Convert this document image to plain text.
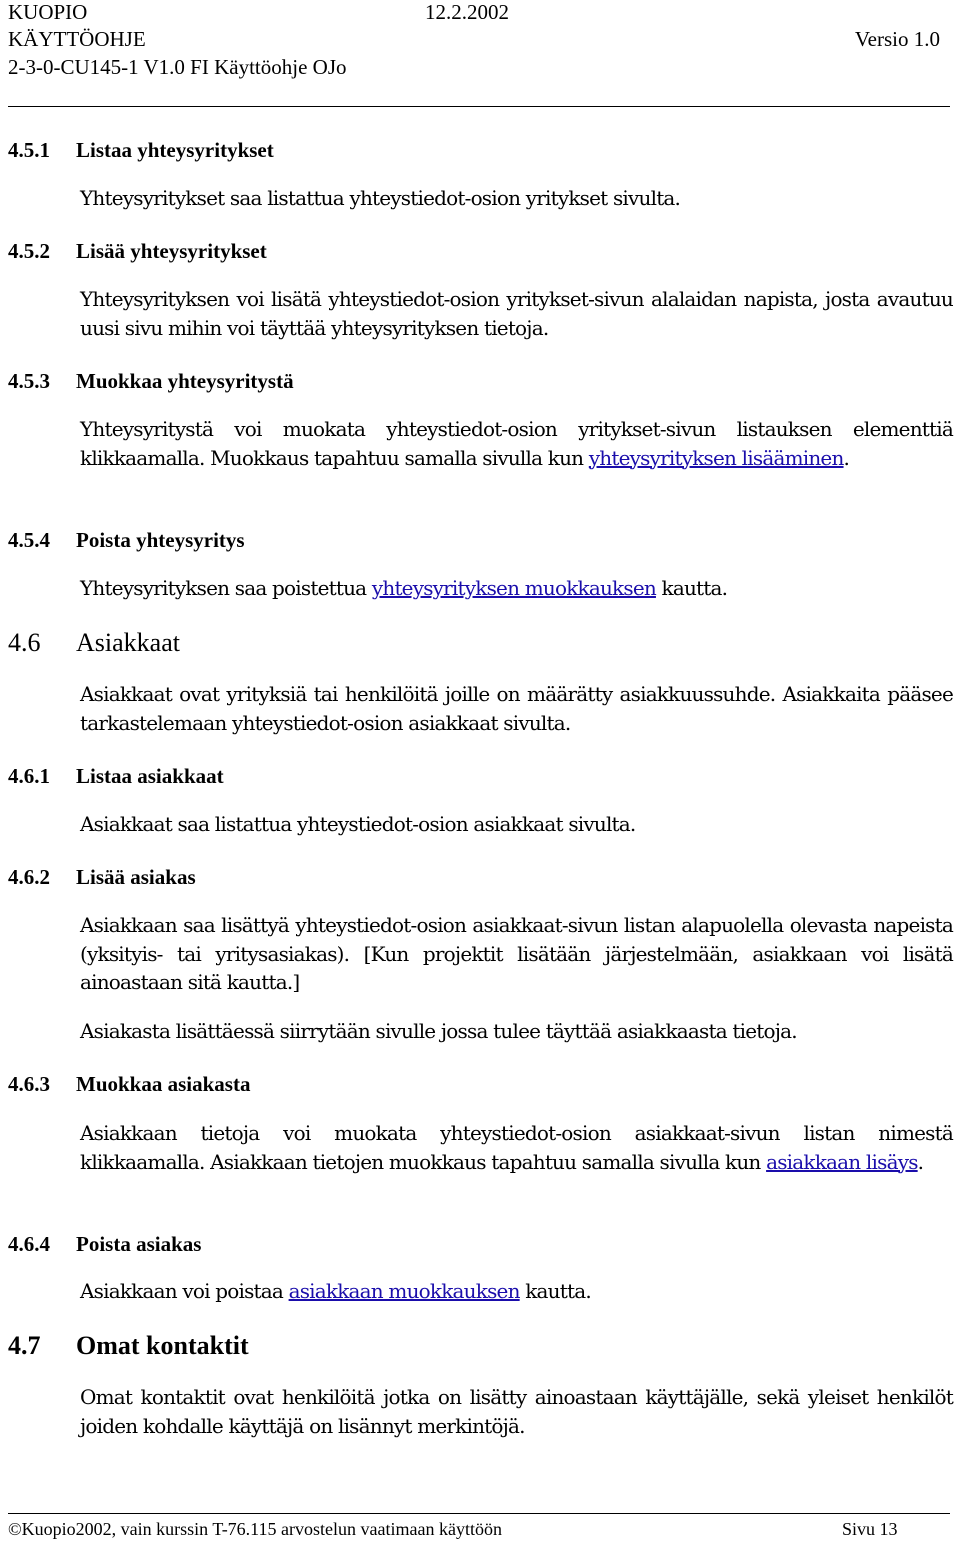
KUOPIO	12.2.2002
KÄYTTÖOHJE	Versio 1.0
2-3-0-CU145-1 V1.0 FI Käyttöohje OJo
4.5.1 Listaa yhteysyritykset
Yhteysyritykset saa listattua yhteystiedot-osion yritykset sivulta.
4.5.2 Lisää yhteysyritykset
Yhteysyrityksen voi lisätä yhteystiedot-osion yritykset-sivun alalaidan napista, josta avautuu uusi sivu mihin voi täyttää yhteysyrityksen tietoja.
4.5.3 Muokkaa yhteysyritystä
Yhteysyritystä voi muokata yhteystiedot-osion yritykset-sivun listauksen elementtiä klikkaamalla. Muokkaus tapahtuu samalla sivulla kun yhteysyrityksen lisääminen.
4.5.4 Poista yhteysyritys
Yhteysyrityksen saa poistettua yhteysyrityksen muokkauksen kautta.
4.6 Asiakkaat
Asiakkaat ovat yrityksiä tai henkilöitä joille on määrätty asiakkuussuhde. Asiakkaita pääsee tarkastelemaan yhteystiedot-osion asiakkaat sivulta.
4.6.1 Listaa asiakkaat
Asiakkaat saa listattua yhteystiedot-osion asiakkaat sivulta.
4.6.2 Lisää asiakas
Asiakkaan saa lisättyä yhteystiedot-osion asiakkaat-sivun listan alapuolella olevasta napeista (yksityis- tai yritysasiakas). [Kun projektit lisätään järjestelmään, asiakkaan voi lisätä ainoastaan sitä kautta.]
Asiakasta lisättäessä siirrytään sivulle jossa tulee täyttää asiakkaasta tietoja.
4.6.3 Muokkaa asiakasta
Asiakkaan tietoja voi muokata yhteystiedot-osion asiakkaat-sivun listan nimestä klikkaamalla. Asiakkaan tietojen muokkaus tapahtuu samalla sivulla kun asiakkaan lisäys.
4.6.4 Poista asiakas
Asiakkaan voi poistaa asiakkaan muokkauksen kautta.
4.7 Omat kontaktit
Omat kontaktit ovat henkilöitä jotka on lisätty ainoastaan käyttäjälle, sekä yleiset henkilöt joiden kohdalle käyttäjä on lisännyt merkintöjä.
©Kuopio2002, vain kurssin T-76.115 arvostelun vaatimaan käyttöön	Sivu 13
